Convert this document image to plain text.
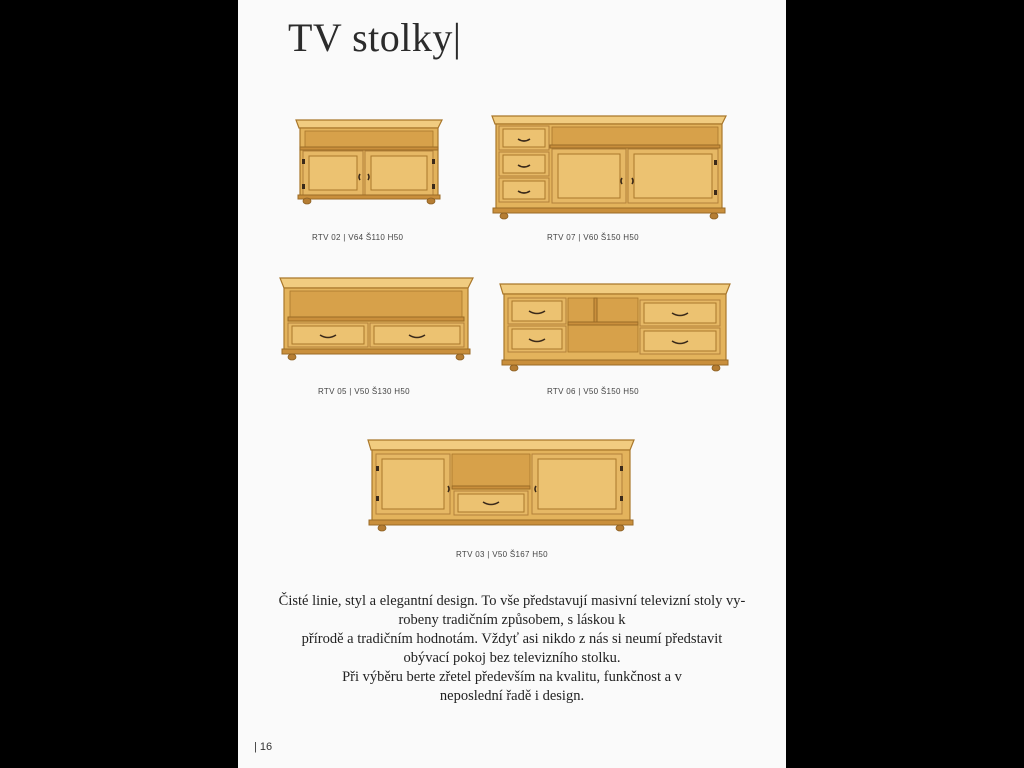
TV stolky|
RTV 02 | V64 Š110 H50	RTV 07 | V60 Š150 H50
RTV 05 | V50 Š130 H50	RTV 06 | V50 Š150 H50
RTV 03 | V50 Š167 H50
Čisté linie, styl a elegantní design. To vše představují masivní televizní stoly vy-
robeny tradičním způsobem, s láskou k
přírodě a tradičním hodnotám. Vždyť asi nikdo z nás si neumí představit
obývací pokoj bez televizního stolku.
Při výběru berte zřetel především na kvalitu, funkčnost a v
neposlední řadě i design.
| 16
